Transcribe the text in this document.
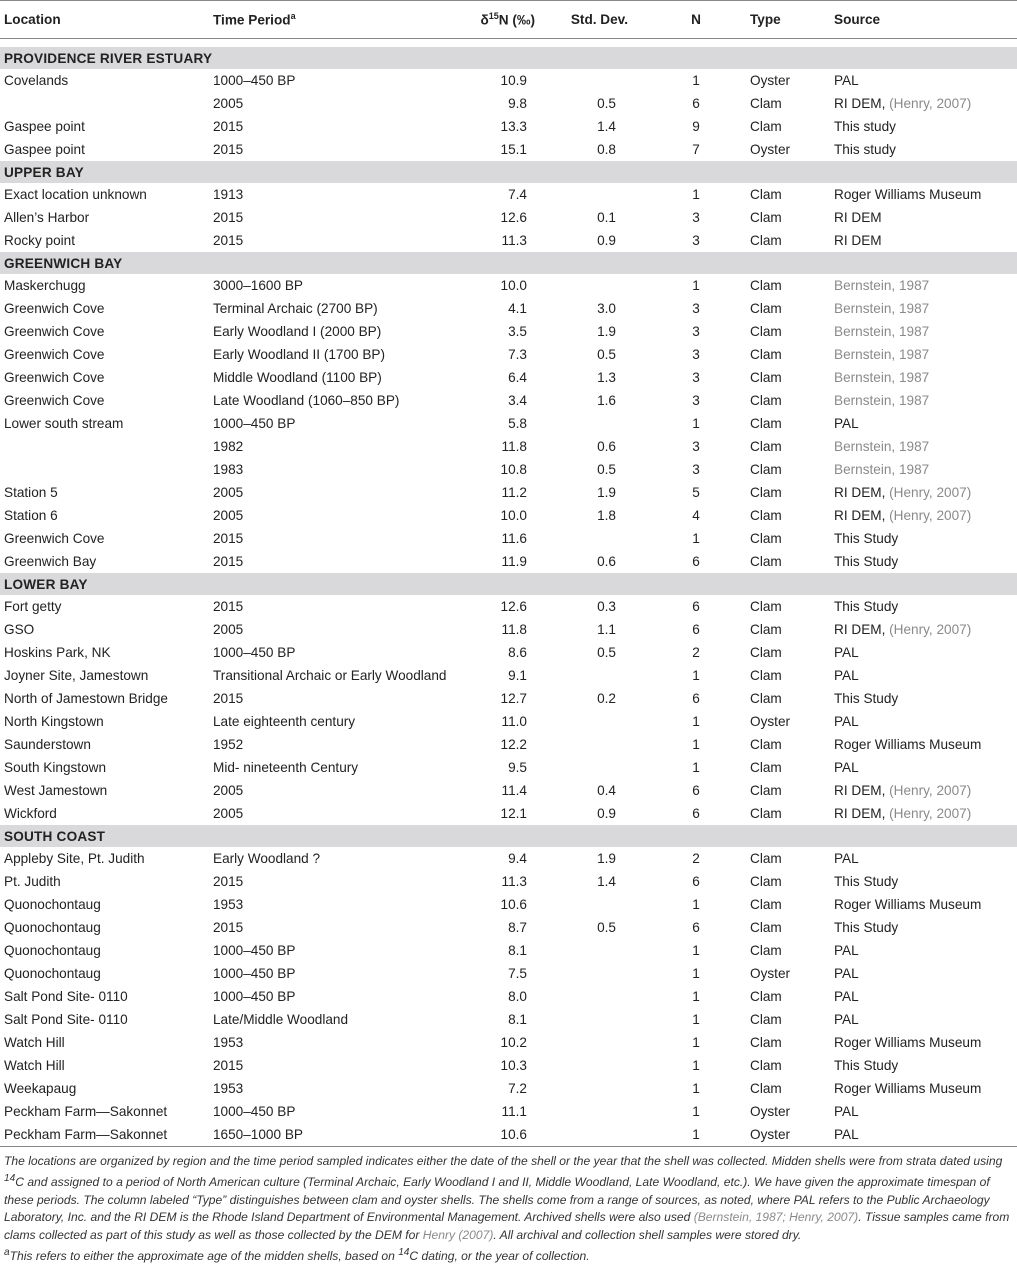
Location	Time Period$^a$	$\delta^{15}N$ (‰)	Std. Dev.	N	Type	Source

PROVIDENCE RIVER ESTUARY						
Covelands	1000–450 BP	10.9		1	Oyster	PAL
	2005	9.8	0.5	6	Clam	RI DEM, (Henry, 2007)
Gaspee point	2015	13.3	1.4	9	Clam	This study
Gaspee point	2015	15.1	0.8	7	Oyster	This study
UPPER BAY						
Exact location unknown	1913	7.4		1	Clam	Roger Williams Museum
Allen’s Harbor	2015	12.6	0.1	3	Clam	RI DEM
Rocky point	2015	11.3	0.9	3	Clam	RI DEM
GREENWICH BAY						
Maskerchugg	3000–1600 BP	10.0		1	Clam	Bernstein, 1987
Greenwich Cove	Terminal Archaic (2700 BP)	4.1	3.0	3	Clam	Bernstein, 1987
Greenwich Cove	Early Woodland I (2000 BP)	3.5	1.9	3	Clam	Bernstein, 1987
Greenwich Cove	Early Woodland II (1700 BP)	7.3	0.5	3	Clam	Bernstein, 1987
Greenwich Cove	Middle Woodland (1100 BP)	6.4	1.3	3	Clam	Bernstein, 1987
Greenwich Cove	Late Woodland (1060–850 BP)	3.4	1.6	3	Clam	Bernstein, 1987
Lower south stream	1000–450 BP	5.8		1	Clam	PAL
	1982	11.8	0.6	3	Clam	Bernstein, 1987
	1983	10.8	0.5	3	Clam	Bernstein, 1987
Station 5	2005	11.2	1.9	5	Clam	RI DEM, (Henry, 2007)
Station 6	2005	10.0	1.8	4	Clam	RI DEM, (Henry, 2007)
Greenwich Cove	2015	11.6		1	Clam	This Study
Greenwich Bay	2015	11.9	0.6	6	Clam	This Study
LOWER BAY						
Fort getty	2015	12.6	0.3	6	Clam	This Study
GSO	2005	11.8	1.1	6	Clam	RI DEM, (Henry, 2007)
Hoskins Park, NK	1000–450 BP	8.6	0.5	2	Clam	PAL
Joyner Site, Jamestown	Transitional Archaic or Early Woodland	9.1		1	Clam	PAL
North of Jamestown Bridge	2015	12.7	0.2	6	Clam	This Study
North Kingstown	Late eighteenth century	11.0		1	Oyster	PAL
Saunderstown	1952	12.2		1	Clam	Roger Williams Museum
South Kingstown	Mid- nineteenth Century	9.5		1	Clam	PAL
West Jamestown	2005	11.4	0.4	6	Clam	RI DEM, (Henry, 2007)
Wickford	2005	12.1	0.9	6	Clam	RI DEM, (Henry, 2007)
SOUTH COAST						
Appleby Site, Pt. Judith	Early Woodland ?	9.4	1.9	2	Clam	PAL
Pt. Judith	2015	11.3	1.4	6	Clam	This Study
Quonochontaug	1953	10.6		1	Clam	Roger Williams Museum
Quonochontaug	2015	8.7	0.5	6	Clam	This Study
Quonochontaug	1000–450 BP	8.1		1	Clam	PAL
Quonochontaug	1000–450 BP	7.5		1	Oyster	PAL
Salt Pond Site- 0110	1000–450 BP	8.0		1	Clam	PAL
Salt Pond Site- 0110	Late/Middle Woodland	8.1		1	Clam	PAL
Watch Hill	1953	10.2		1	Clam	Roger Williams Museum
Watch Hill	2015	10.3		1	Clam	This Study
Weekapaug	1953	7.2		1	Clam	Roger Williams Museum
Peckham Farm—Sakonnet	1000–450 BP	11.1		1	Oyster	PAL
Peckham Farm—Sakonnet	1650–1000 BP	10.6		1	Oyster	PAL

The locations are organized by region and the time period sampled indicates either the date of the shell or the year that the shell was collected. Midden shells were from strata dated using $^{14}$C and assigned to a period of North American culture (Terminal Archaic, Early Woodland I and II, Middle Woodland, Late Woodland, etc.). We have given the approximate timespan of these periods. The column labeled “Type” distinguishes between clam and oyster shells. The shells come from a range of sources, as noted, where PAL refers to the Public Archaeology Laboratory, Inc. and the RI DEM is the Rhode Island Department of Environmental Management. Archived shells were also used (Bernstein, 1987; Henry, 2007). Tissue samples came from clams collected as part of this study as well as those collected by the DEM for Henry (2007). All archival and collection shell samples were stored dry.

$^a$This refers to either the approximate age of the midden shells, based on $^{14}$C dating, or the year of collection.
